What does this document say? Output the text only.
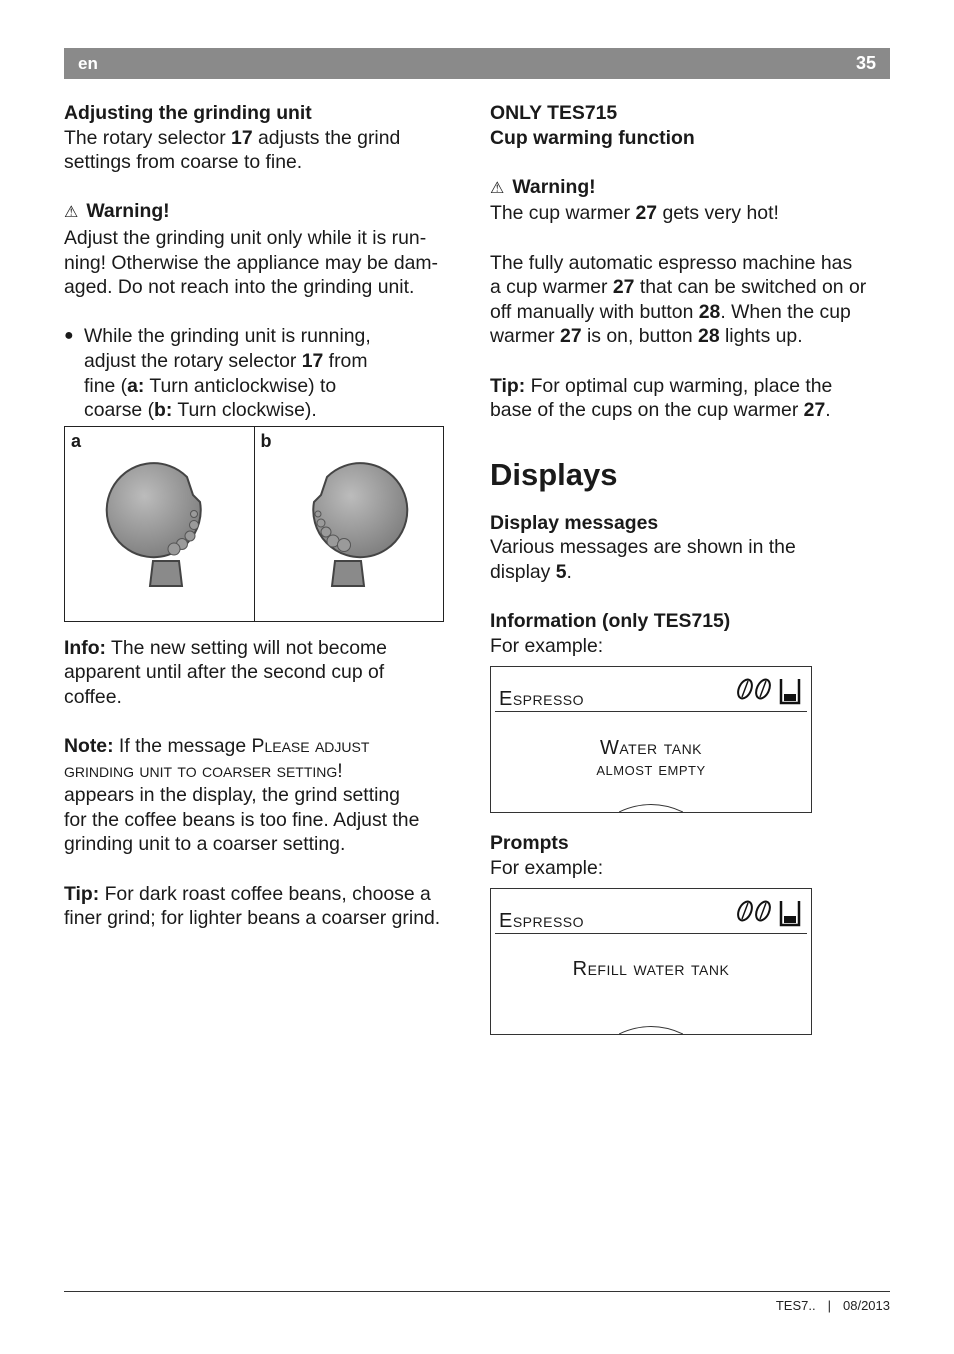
en	35

Adjusting the grinding unit

The rotary selector 17 adjusts the grind settings from coarse to fine.

⚠ Warning!

Adjust the grinding unit only while it is run-

ning! Otherwise the appliance may be dam-

aged. Do not reach into the grinding unit.

● While the grinding unit is running,

adjust the rotary selector 17 from

fine (a: Turn anticlockwise) to

coarse (b: Turn clockwise).

a	b

Info: The new setting will not become

apparent until after the second cup of

coffee.

Note: If the message Please adjust

grinding unit to coarser setting!

appears in the display, the grind setting

for the coffee beans is too fine. Adjust the

grinding unit to a coarser setting.

Tip: For dark roast coffee beans, choose a

finer grind; for lighter beans a coarser grind.

ONLY TES715

Cup warming function

⚠ Warning!

The cup warmer 27 gets very hot!

The fully automatic espresso machine has

a cup warmer 27 that can be switched on or

off manually with button 28. When the cup

warmer 27 is on, button 28 lights up.

Tip: For optimal cup warming, place the

base of the cups on the cup warmer 27.

Displays

Display messages

Various messages are shown in the

display 5.

Information (only TES715)

For example:

Espresso
Water tank
almost empty

Prompts

For example:

Espresso
Refill water tank
TES7.. | 08/2013
